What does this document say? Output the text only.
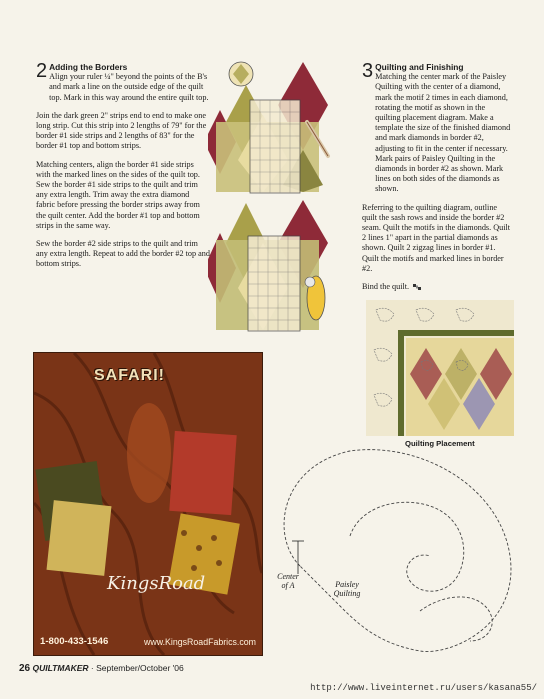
2 Adding the Borders
Align your ruler ¼" beyond the points of the B's and mark a line on the outside edge of the quilt top. Mark in this way around the entire quilt top.

Join the dark green 2" strips end to end to make one long strip. Cut this strip into 2 lengths of 79" for the border #1 side strips and 2 lengths of 83" for the border #1 top and bottom strips.

Matching centers, align the border #1 side strips with the marked lines on the sides of the quilt top. Sew the border #1 side strips to the quilt and trim any extra length. Trim away the extra diamond fabric before pressing the border strips away from the quilt center. Add the border #1 top and bottom strips in the same way.

Sew the border #2 side strips to the quilt and trim any extra length. Repeat to add the border #2 top and bottom strips.

3 Quilting and Finishing
Matching the center mark of the Paisley Quilting with the center of a diamond, mark the motif 2 times in each diamond, rotating the motif as shown in the quilting placement diagram. Make a template the size of the finished diamond and mark diamonds in border #2, adjusting to fit in the center if necessary. Mark pairs of Paisley Quilting in the diamonds in border #2 as shown. Mark lines on both sides of the diamonds as shown.

Referring to the quilting diagram, outline quilt the sash rows and inside the border #2 seam. Quilt the motifs in the diamonds. Quilt 2 lines 1" apart in the partial diamonds as shown. Quilt 2 zigzag lines in border #1. Quilt the motifs and marked lines in border #2.

Bind the quilt.

Quilting Placement
Center
of A	Paisley
Quilting
SAFARI!
KingsRoad
1-800-433-1546	www.KingsRoadFabrics.com
26 QUILTMAKER · September/October '06
http://www.liveinternet.ru/users/kasana55/
